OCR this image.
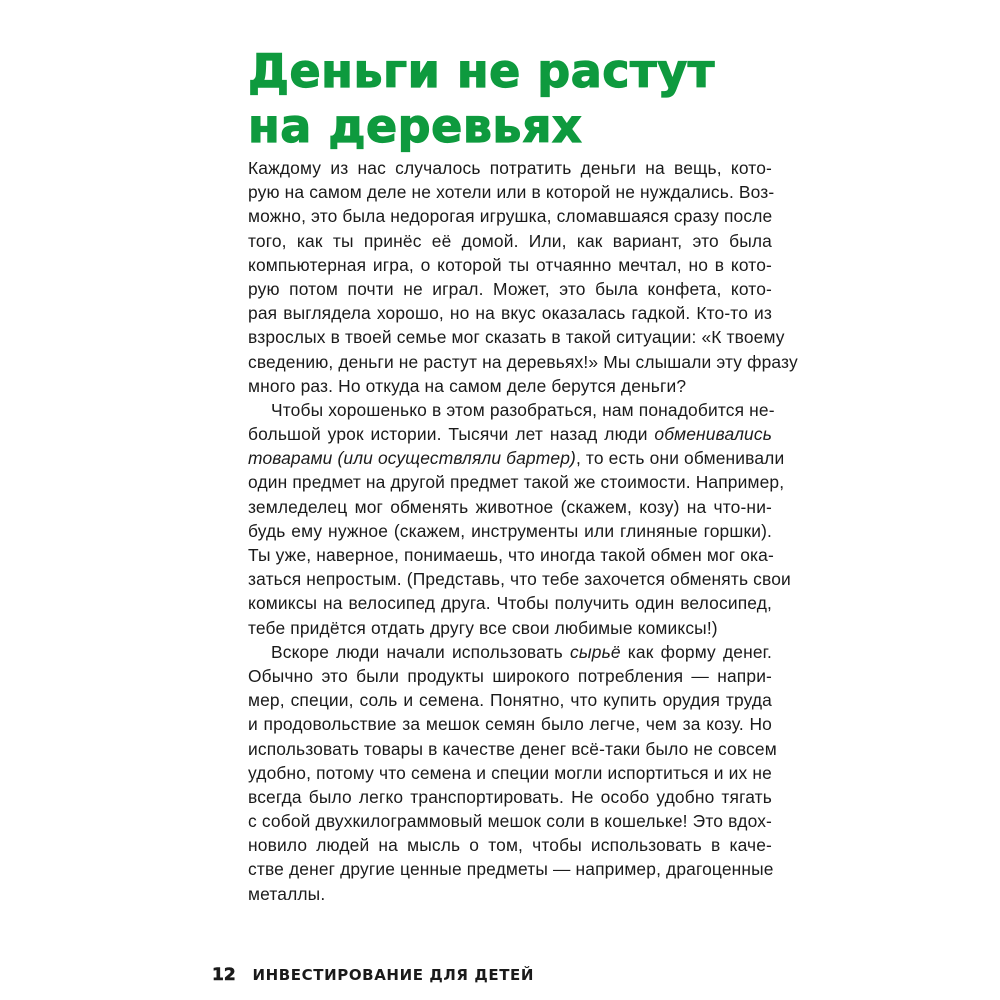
Деньги не растут
на деревьях
Каждому из нас случалось потратить деньги на вещь, кото-
рую на самом деле не хотели или в которой не нуждались. Воз-
можно, это была недорогая игрушка, сломавшаяся сразу после
того, как ты принёс её домой. Или, как вариант, это была
компьютерная игра, о которой ты отчаянно мечтал, но в кото-
рую потом почти не играл. Может, это была конфета, кото-
рая выглядела хорошо, но на вкус оказалась гадкой. Кто-то из
взрослых в твоей семье мог сказать в такой ситуации: «К твоему
сведению, деньги не растут на деревьях!» Мы слышали эту фразу
много раз. Но откуда на самом деле берутся деньги?
Чтобы хорошенько в этом разобраться, нам понадобится не-
большой урок истории. Тысячи лет назад люди обменивались
товарами (или осуществляли бартер), то есть они обменивали
один предмет на другой предмет такой же стоимости. Например,
земледелец мог обменять животное (скажем, козу) на что-ни-
будь ему нужное (скажем, инструменты или глиняные горшки).
Ты уже, наверное, понимаешь, что иногда такой обмен мог ока-
заться непростым. (Представь, что тебе захочется обменять свои
комиксы на велосипед друга. Чтобы получить один велосипед,
тебе придётся отдать другу все свои любимые комиксы!)
Вскоре люди начали использовать сырьё как форму денег.
Обычно это были продукты широкого потребления — напри-
мер, специи, соль и семена. Понятно, что купить орудия труда
и продовольствие за мешок семян было легче, чем за козу. Но
использовать товары в качестве денег всё-таки было не совсем
удобно, потому что семена и специи могли испортиться и их не
всегда было легко транспортировать. Не особо удобно тягать
с собой двухкилограммовый мешок соли в кошельке! Это вдох-
новило людей на мысль о том, чтобы использовать в каче-
стве денег другие ценные предметы — например, драгоценные
металлы.
12 ИНВЕСТИРОВАНИЕ ДЛЯ ДЕТЕЙ
